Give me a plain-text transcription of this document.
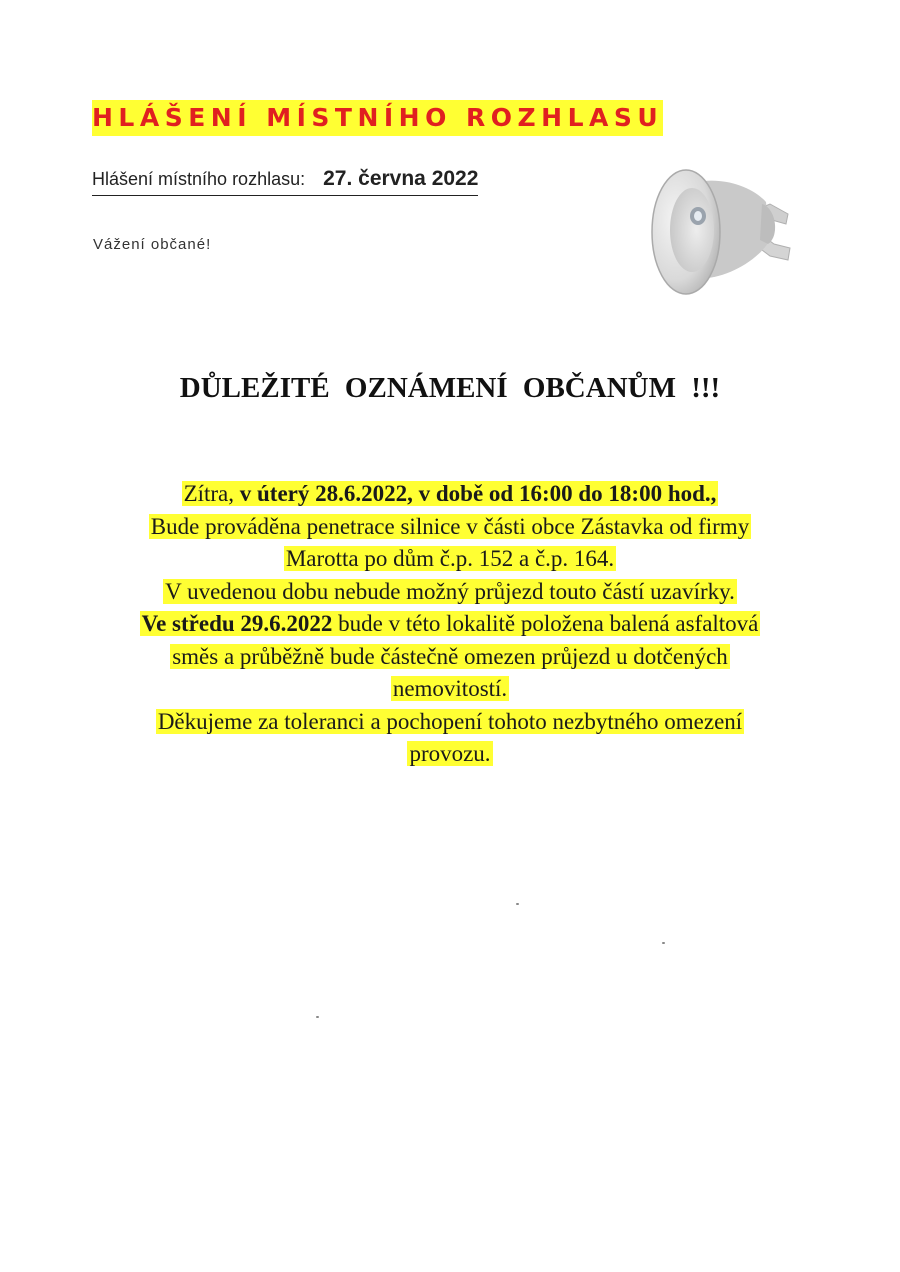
HLÁŠENÍ MÍSTNÍHO ROZHLASU
Hlášení místního rozhlasu: 27. června 2022
Vážení občané!
DŮLEŽITÉ OZNÁMENÍ OBČANŮM !!!
Zítra, v úterý 28.6.2022, v době od 16:00 do 18:00 hod.,
Bude prováděna penetrace silnice v části obce Zástavka od firmy Marotta po dům č.p. 152 a č.p. 164.
V uvedenou dobu nebude možný průjezd touto částí uzavírky.
Ve středu 29.6.2022 bude v této lokalitě položena balená asfaltová směs a průběžně bude částečně omezen průjezd u dotčených nemovitostí.
Děkujeme za toleranci a pochopení tohoto nezbytného omezení provozu.
